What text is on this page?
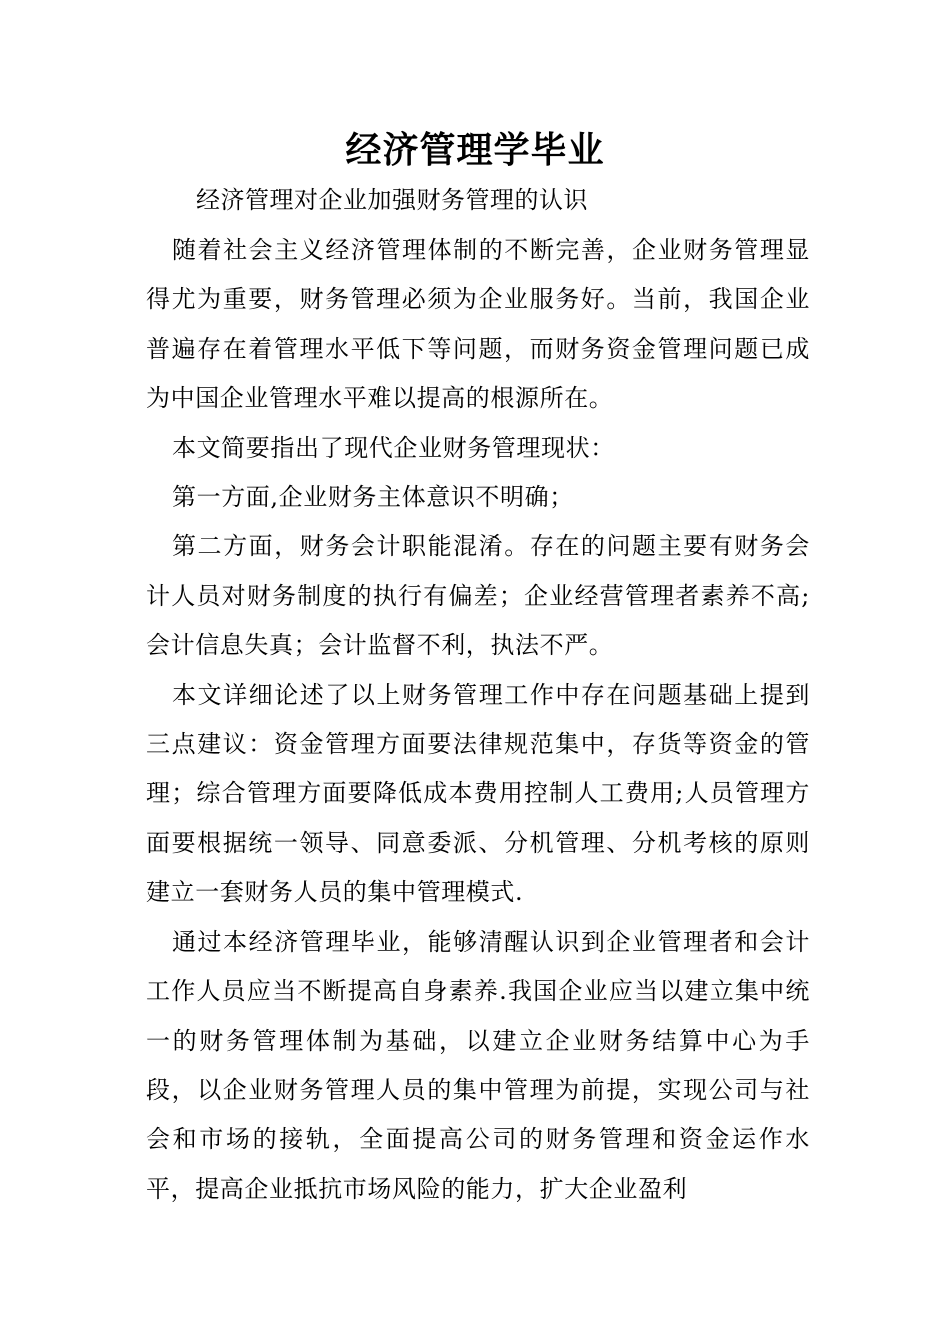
经济管理学毕业
经济管理对企业加强财务管理的认识

随着社会主义经济管理体制的不断完善，企业财务管理显得尤为重要，财务管理必须为企业服务好。当前，我国企业普遍存在着管理水平低下等问题，而财务资金管理问题已成为中国企业管理水平难以提高的根源所在。

本文简要指出了现代企业财务管理现状：

第一方面,企业财务主体意识不明确；

第二方面，财务会计职能混淆。存在的问题主要有财务会计人员对财务制度的执行有偏差；企业经营管理者素养不高;会计信息失真；会计监督不利，执法不严。

本文详细论述了以上财务管理工作中存在问题基础上提到三点建议：资金管理方面要法律规范集中，存货等资金的管理；综合管理方面要降低成本费用控制人工费用;人员管理方面要根据统一领导、同意委派、分机管理、分机考核的原则建立一套财务人员的集中管理模式.

通过本经济管理毕业，能够清醒认识到企业管理者和会计工作人员应当不断提高自身素养.我国企业应当以建立集中统一的财务管理体制为基础，以建立企业财务结算中心为手段，以企业财务管理人员的集中管理为前提，实现公司与社会和市场的接轨，全面提高公司的财务管理和资金运作水平，提高企业抵抗市场风险的能力，扩大企业盈利
